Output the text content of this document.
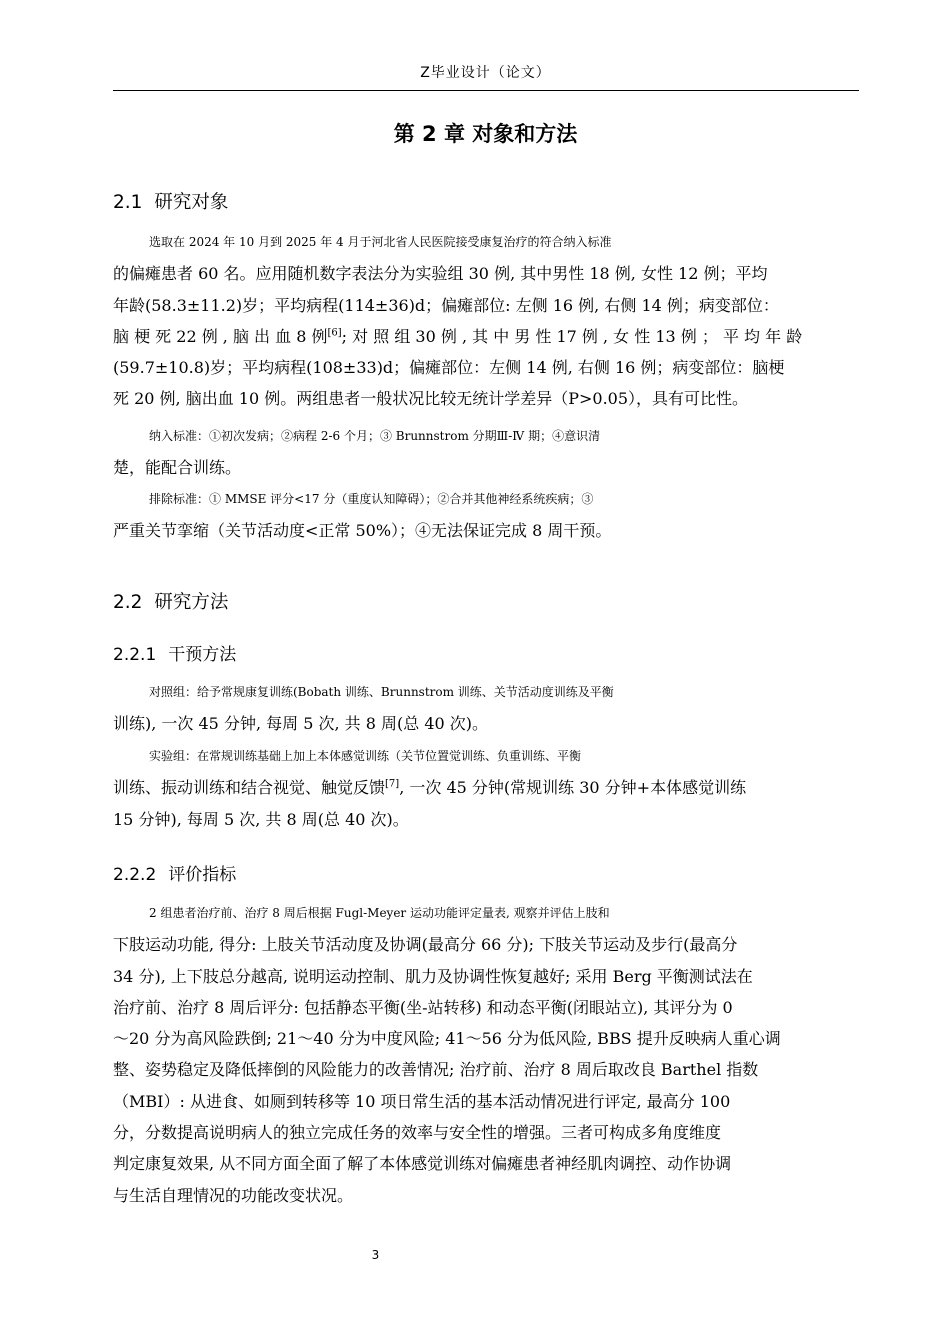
Z毕业设计（论文）
第 2 章 对象和方法
2.1 研究对象
选取在 2024 年 10 月到 2025 年 4 月于河北省人民医院接受康复治疗的符合纳入标准
的偏瘫患者 60 名。应用随机数字表法分为实验组 30 例, 其中男性 18 例, 女性 12 例；平均
年龄(58.3±11.2)岁；平均病程(114±36)d；偏瘫部位: 左侧 16 例, 右侧 14 例；病变部位：
脑 梗 死 22 例 , 脑 出 血 8 例[6]; 对 照 组 30 例 , 其 中 男 性 17 例 , 女 性 13 例 ； 平 均 年 龄
(59.7±10.8)岁；平均病程(108±33)d；偏瘫部位：左侧 14 例, 右侧 16 例；病变部位：脑梗
死 20 例, 脑出血 10 例。两组患者一般状况比较无统计学差异（P>0.05），具有可比性。
纳入标准：①初次发病；②病程 2-6 个月；③ Brunnstrom 分期Ⅲ-Ⅳ 期；④意识清
楚，能配合训练。
排除标准：① MMSE 评分<17 分（重度认知障碍）；②合并其他神经系统疾病；③
严重关节挛缩（关节活动度<正常 50%）；④无法保证完成 8 周干预。
2.2 研究方法
2.2.1 干预方法
对照组：给予常规康复训练(Bobath 训练、Brunnstrom 训练、关节活动度训练及平衡
训练), 一次 45 分钟, 每周 5 次, 共 8 周(总 40 次)。
实验组：在常规训练基础上加上本体感觉训练（关节位置觉训练、负重训练、平衡
训练、振动训练和结合视觉、触觉反馈[7], 一次 45 分钟(常规训练 30 分钟+本体感觉训练
15 分钟), 每周 5 次, 共 8 周(总 40 次)。
2.2.2 评价指标
2 组患者治疗前、治疗 8 周后根据 Fugl-Meyer 运动功能评定量表, 观察并评估上肢和
下肢运动功能, 得分: 上肢关节活动度及协调(最高分 66 分); 下肢关节运动及步行(最高分
34 分), 上下肢总分越高, 说明运动控制、肌力及协调性恢复越好; 采用 Berg 平衡测试法在
治疗前、治疗 8 周后评分: 包括静态平衡(坐-站转移) 和动态平衡(闭眼站立), 其评分为 0
～20 分为高风险跌倒; 21～40 分为中度风险; 41～56 分为低风险, BBS 提升反映病人重心调
整、姿势稳定及降低摔倒的风险能力的改善情况; 治疗前、治疗 8 周后取改良 Barthel 指数
（MBI）: 从进食、如厕到转移等 10 项日常生活的基本活动情况进行评定, 最高分 100
分，分数提高说明病人的独立完成任务的效率与安全性的增强。三者可构成多角度维度
判定康复效果, 从不同方面全面了解了本体感觉训练对偏瘫患者神经肌肉调控、动作协调
与生活自理情况的功能改变状况。
3
